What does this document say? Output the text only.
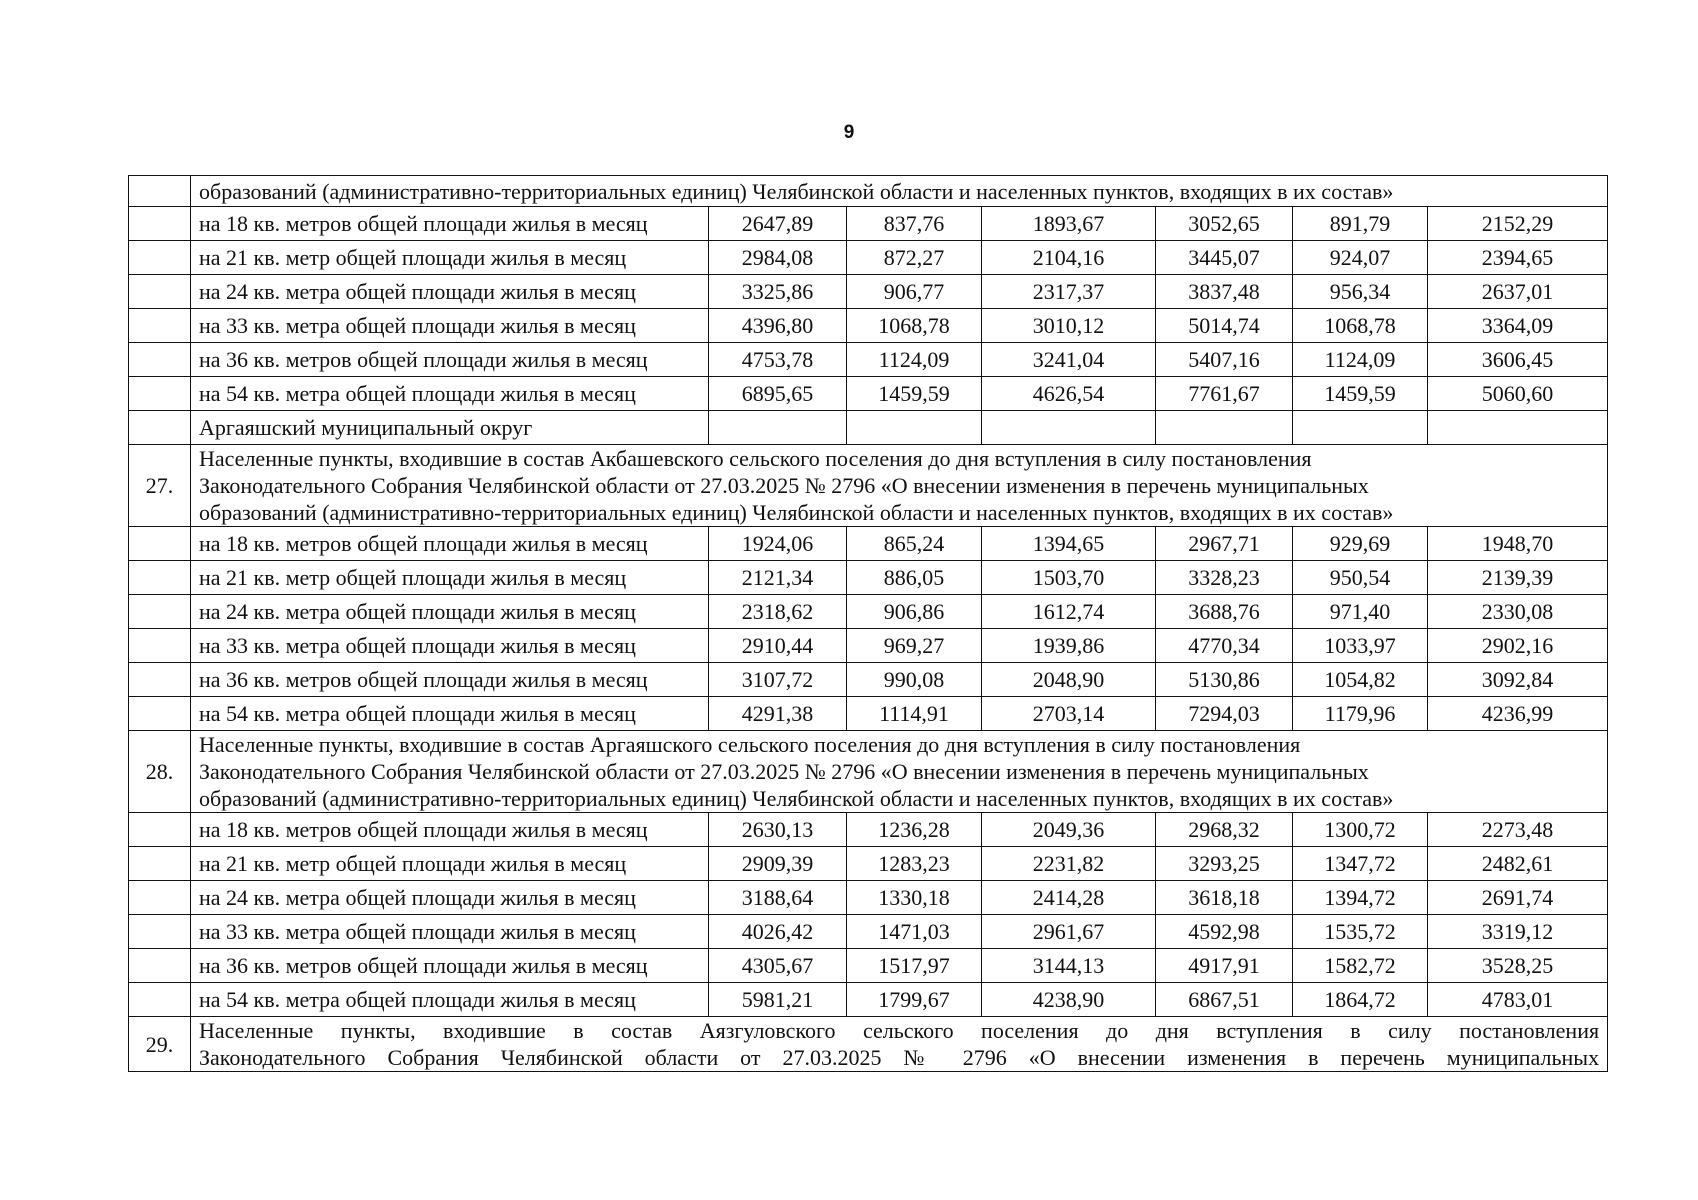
9
	образований (административно-территориальных единиц) Челябинской области и населенных пунктов, входящих в их состав»						
	на 18 кв. метров общей площади жилья в месяц	2647,89	837,76	1893,67	3052,65	891,79	2152,29
	на 21 кв. метр общей площади жилья в месяц	2984,08	872,27	2104,16	3445,07	924,07	2394,65
	на 24 кв. метра общей площади жилья в месяц	3325,86	906,77	2317,37	3837,48	956,34	2637,01
	на 33 кв. метра общей площади жилья в месяц	4396,80	1068,78	3010,12	5014,74	1068,78	3364,09
	на 36 кв. метров общей площади жилья в месяц	4753,78	1124,09	3241,04	5407,16	1124,09	3606,45
	на 54 кв. метра общей площади жилья в месяц	6895,65	1459,59	4626,54	7761,67	1459,59	5060,60
	Аргаяшский муниципальный округ						
27.	Населенные пункты, входившие в состав Акбашевского сельского поселения до дня вступления в силу постановления
Законодательного Собрания Челябинской области от 27.03.2025 № 2796 «О внесении изменения в перечень муниципальных
образований (административно-территориальных единиц) Челябинской области и населенных пунктов, входящих в их состав»						

	на 18 кв. метров общей площади жилья в месяц	1924,06	865,24	1394,65	2967,71	929,69	1948,70
	на 21 кв. метр общей площади жилья в месяц	2121,34	886,05	1503,70	3328,23	950,54	2139,39
	на 24 кв. метра общей площади жилья в месяц	2318,62	906,86	1612,74	3688,76	971,40	2330,08
	на 33 кв. метра общей площади жилья в месяц	2910,44	969,27	1939,86	4770,34	1033,97	2902,16
	на 36 кв. метров общей площади жилья в месяц	3107,72	990,08	2048,90	5130,86	1054,82	3092,84
	на 54 кв. метра общей площади жилья в месяц	4291,38	1114,91	2703,14	7294,03	1179,96	4236,99
28.	Населенные пункты, входившие в состав Аргаяшского сельского поселения до дня вступления в силу постановления
Законодательного Собрания Челябинской области от 27.03.2025 № 2796 «О внесении изменения в перечень муниципальных
образований (административно-территориальных единиц) Челябинской области и населенных пунктов, входящих в их состав»						

	на 18 кв. метров общей площади жилья в месяц	2630,13	1236,28	2049,36	2968,32	1300,72	2273,48
	на 21 кв. метр общей площади жилья в месяц	2909,39	1283,23	2231,82	3293,25	1347,72	2482,61
	на 24 кв. метра общей площади жилья в месяц	3188,64	1330,18	2414,28	3618,18	1394,72	2691,74
	на 33 кв. метра общей площади жилья в месяц	4026,42	1471,03	2961,67	4592,98	1535,72	3319,12
	на 36 кв. метров общей площади жилья в месяц	4305,67	1517,97	3144,13	4917,91	1582,72	3528,25
	на 54 кв. метра общей площади жилья в месяц	5981,21	1799,67	4238,90	6867,51	1864,72	4783,01
29.	Населенные пункты, входившие в состав Аязгуловского сельского поселения до дня вступления в силу постановления
Законодательного Собрания Челябинской области от 27.03.2025 № 2796 «О внесении изменения в перечень муниципальных						
